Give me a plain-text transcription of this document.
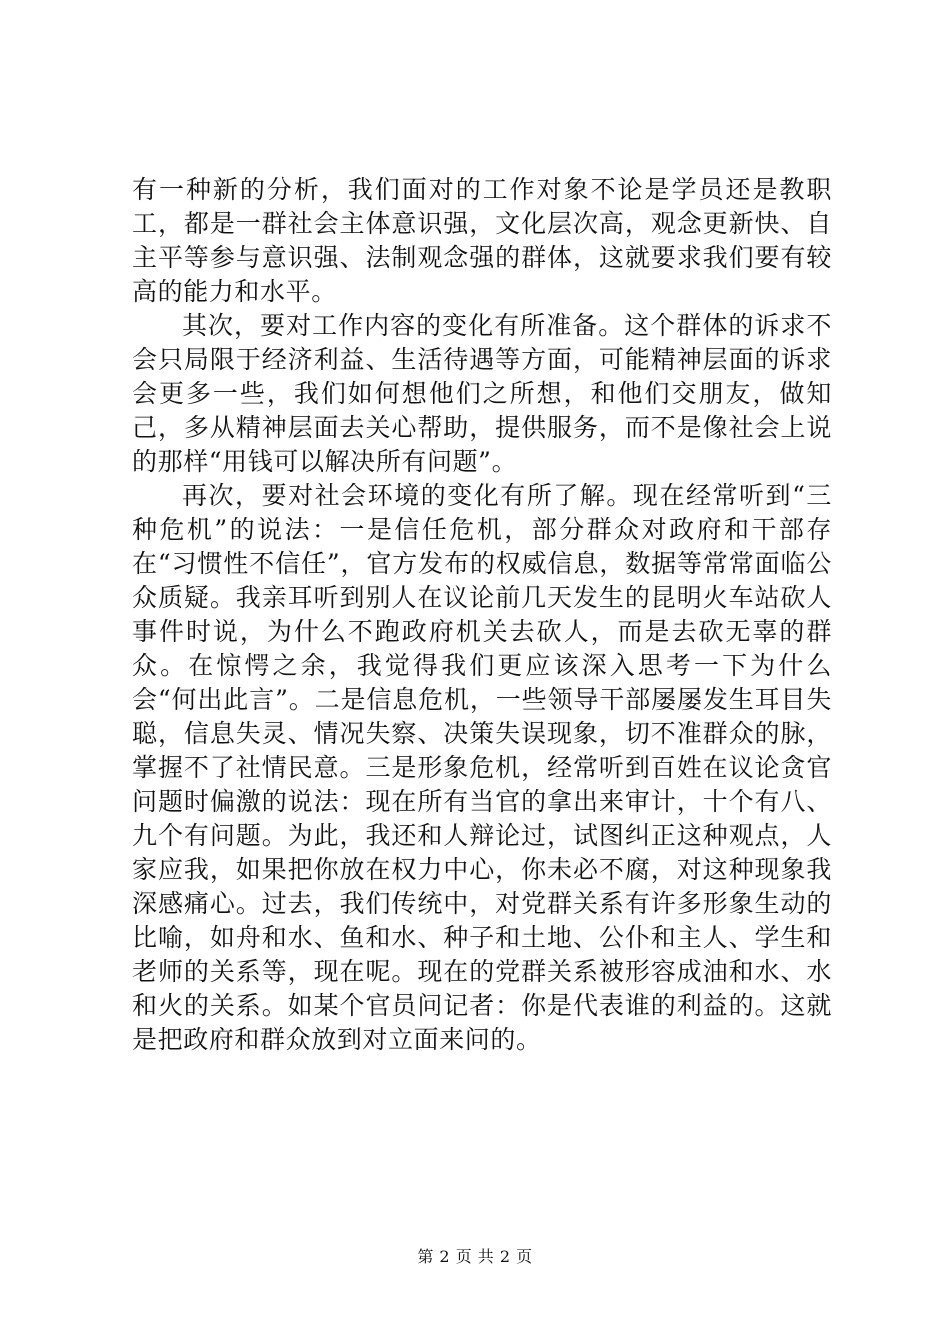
有一种新的分析，我们面对的工作对象不论是学员还是教职工，都是一群社会主体意识强，文化层次高，观念更新快、自主平等参与意识强、法制观念强的群体，这就要求我们要有较高的能力和水平。

其次，要对工作内容的变化有所准备。这个群体的诉求不会只局限于经济利益、生活待遇等方面，可能精神层面的诉求会更多一些，我们如何想他们之所想，和他们交朋友，做知己，多从精神层面去关心帮助，提供服务，而不是像社会上说的那样“用钱可以解决所有问题”。

再次，要对社会环境的变化有所了解。现在经常听到“三种危机”的说法：一是信任危机，部分群众对政府和干部存在“习惯性不信任”，官方发布的权威信息，数据等常常面临公众质疑。我亲耳听到别人在议论前几天发生的昆明火车站砍人事件时说，为什么不跑政府机关去砍人，而是去砍无辜的群众。在惊愕之余，我觉得我们更应该深入思考一下为什么会“何出此言”。二是信息危机，一些领导干部屡屡发生耳目失聪，信息失灵、情况失察、决策失误现象，切不准群众的脉，掌握不了社情民意。三是形象危机，经常听到百姓在议论贪官问题时偏激的说法：现在所有当官的拿出来审计，十个有八、九个有问题。为此，我还和人辩论过，试图纠正这种观点，人家应我，如果把你放在权力中心，你未必不腐，对这种现象我深感痛心。过去，我们传统中，对党群关系有许多形象生动的比喻，如舟和水、鱼和水、种子和土地、公仆和主人、学生和老师的关系等，现在呢。现在的党群关系被形容成油和水、水和火的关系。如某个官员问记者：你是代表谁的利益的。这就是把政府和群众放到对立面来问的。

第 2 页 共 2 页
